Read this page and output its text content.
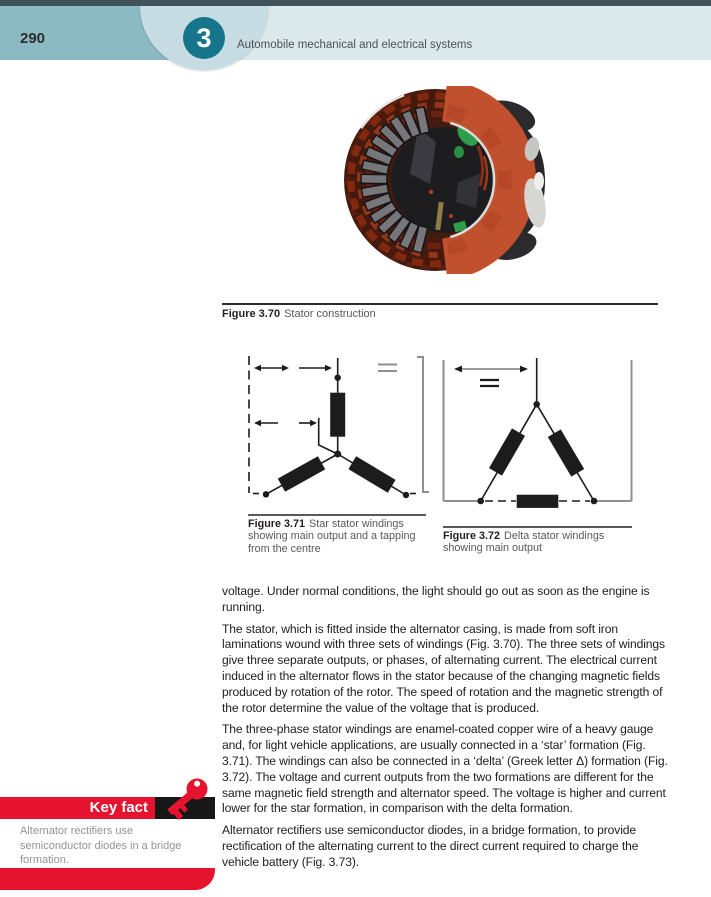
290	3	Automobile mechanical and electrical systems
Figure 3.70 Stator construction
Figure 3.71 Star stator windings showing main output and a tapping from the centre
Figure 3.72 Delta stator windings showing main output

voltage. Under normal conditions, the light should go out as soon as the engine is running.

The stator, which is fitted inside the alternator casing, is made from soft iron laminations wound with three sets of windings (Fig. 3.70). The three sets of windings give three separate outputs, or phases, of alternating current. The electrical current induced in the alternator flows in the stator because of the changing magnetic fields produced by rotation of the rotor. The speed of rotation and the magnetic strength of the rotor determine the value of the voltage that is produced.

The three-phase stator windings are enamel-coated copper wire of a heavy gauge and, for light vehicle applications, are usually connected in a ‘star’ formation (Fig. 3.71). The windings can also be connected in a ‘delta’ (Greek letter Δ) formation (Fig. 3.72). The voltage and current outputs from the two formations are different for the same magnetic field strength and alternator speed. The voltage is higher and current lower for the star formation, in comparison with the delta formation.

Alternator rectifiers use semiconductor diodes, in a bridge formation, to provide rectification of the alternating current to the direct current required to charge the vehicle battery (Fig. 3.73).

Key fact
Alternator rectifiers use semiconductor diodes in a bridge formation.
